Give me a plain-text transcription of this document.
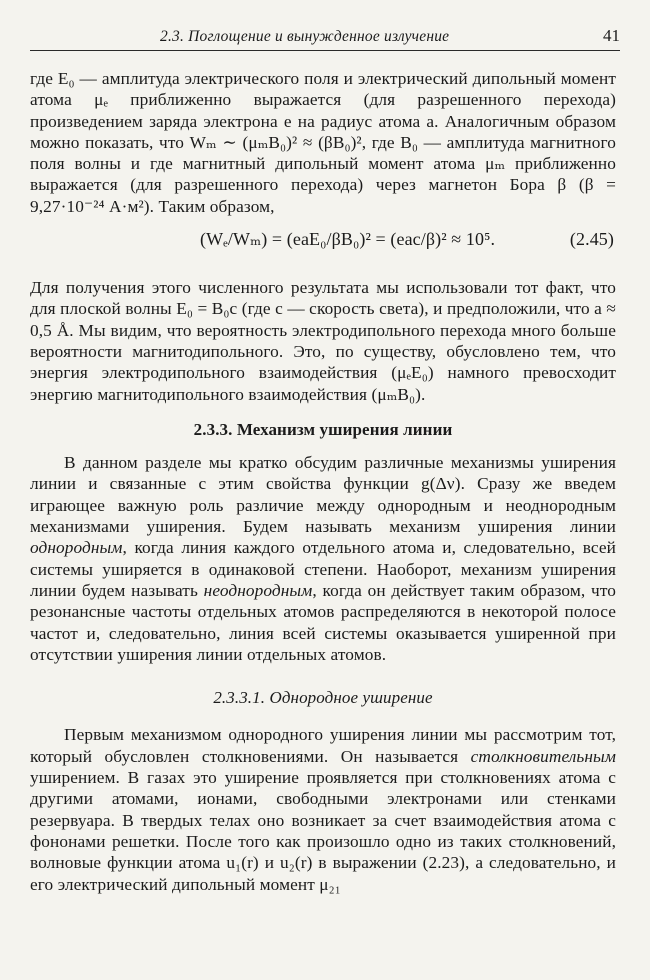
2.3. Поглощение и вынужденное излучение	41

где E₀ — амплитуда электрического поля и электрический дипольный момент атома μₑ приближенно выражается (для разрешенного перехода) произведением заряда электрона e на радиус атома a. Аналогичным образом можно показать, что Wₘ ∼ (μₘB₀)² ≈ (βB₀)², где B₀ — амплитуда магнитного поля волны и где магнитный дипольный момент атома μₘ приближенно выражается (для разрешенного перехода) через магнетон Бора β (β = 9,27·10⁻²⁴ А·м²). Таким образом,

(Wₑ/Wₘ) = (eaE₀/βB₀)² = (eac/β)² ≈ 10⁵.	(2.45)

Для получения этого численного результата мы использовали тот факт, что для плоской волны E₀ = B₀c (где c — скорость света), и предположили, что a ≈ 0,5 Å. Мы видим, что вероятность электродипольного перехода много больше вероятности магнитодипольного. Это, по существу, обусловлено тем, что энергия электродипольного взаимодействия (μₑE₀) намного превосходит энергию магнитодипольного взаимодействия (μₘB₀).

2.3.3. Механизм уширения линии

В данном разделе мы кратко обсудим различные механизмы уширения линии и связанные с этим свойства функции g(Δν). Сразу же введем играющее важную роль различие между однородным и неоднородным механизмами уширения. Будем называть механизм уширения линии однородным, когда линия каждого отдельного атома и, следовательно, всей системы уширяется в одинаковой степени. Наоборот, механизм уширения линии будем называть неоднородным, когда он действует таким образом, что резонансные частоты отдельных атомов распределяются в некоторой полосе частот и, следовательно, линия всей системы оказывается уширенной при отсутствии уширения линии отдельных атомов.

2.3.3.1. Однородное уширение

Первым механизмом однородного уширения линии мы рассмотрим тот, который обусловлен столкновениями. Он называется столкновительным уширением. В газах это уширение проявляется при столкновениях атома с другими атомами, ионами, свободными электронами или стенками резервуара. В твердых телах оно возникает за счет взаимодействия атома с фононами решетки. После того как произошло одно из таких столкновений, волновые функции атома u₁(r) и u₂(r) в выражении (2.23), а следовательно, и его электрический дипольный момент μ₂₁
